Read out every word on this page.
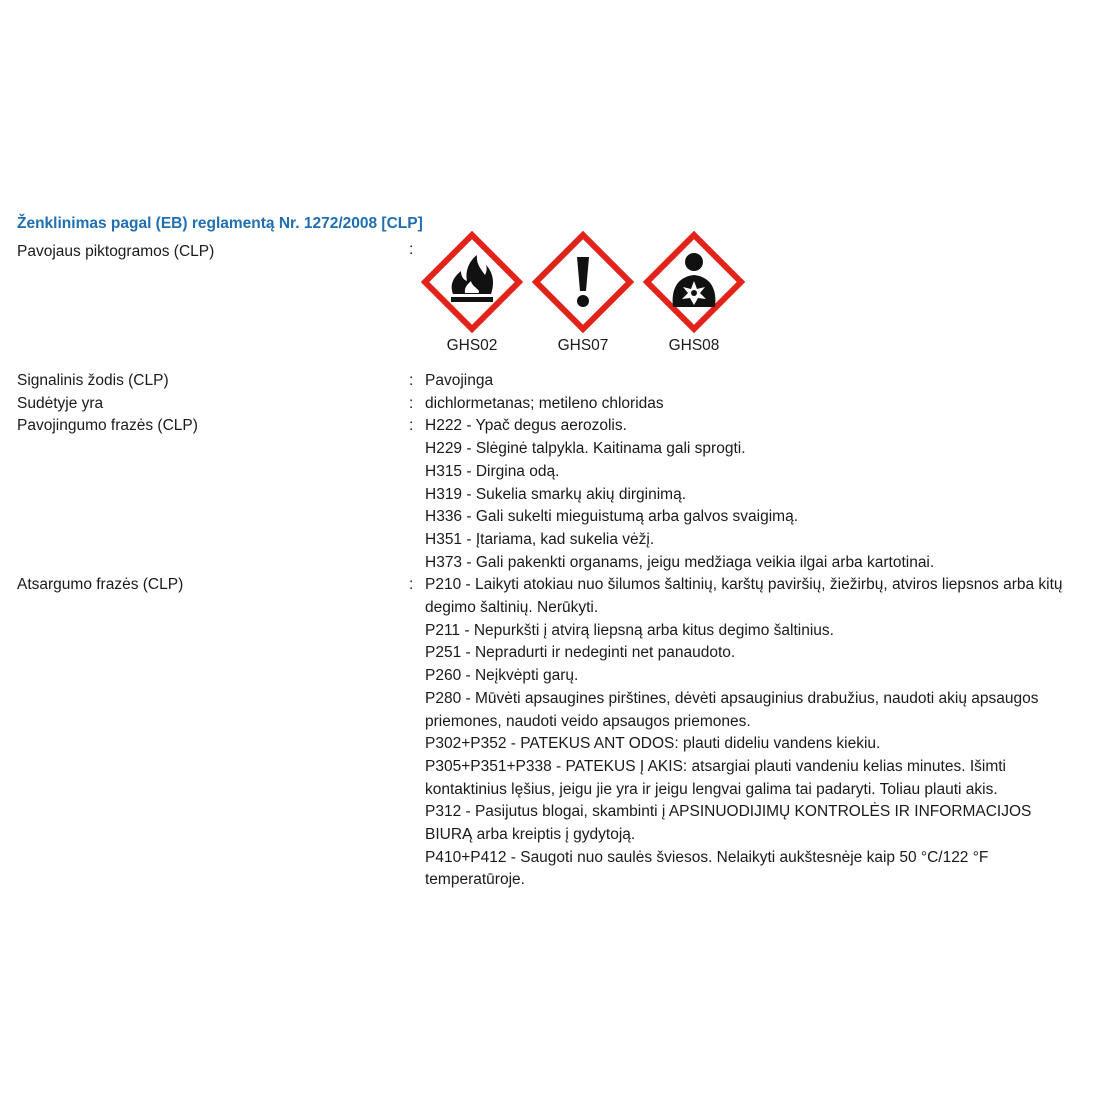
Ženklinimas pagal (EB) reglamentą Nr. 1272/2008 [CLP]
Pavojaus piktogramos (CLP)	:
GHS02	GHS07	GHS08
Signalinis žodis (CLP)	: Pavojinga
Sudėtyje yra	: dichlormetanas; metileno chloridas
Pavojingumo frazės (CLP)	: H222 - Ypač degus aerozolis.
H229 - Slėginė talpykla. Kaitinama gali sprogti.
H315 - Dirgina odą.
H319 - Sukelia smarkų akių dirginimą.
H336 - Gali sukelti mieguistumą arba galvos svaigimą.
H351 - Įtariama, kad sukelia vėžį.
H373 - Gali pakenkti organams, jeigu medžiaga veikia ilgai arba kartotinai.
Atsargumo frazės (CLP)	: P210 - Laikyti atokiau nuo šilumos šaltinių, karštų paviršių, žiežirbų, atviros liepsnos arba kitų degimo šaltinių. Nerūkyti.
P211 - Nepurkšti į atvirą liepsną arba kitus degimo šaltinius.
P251 - Nepradurti ir nedeginti net panaudoto.
P260 - Neįkvėpti garų.
P280 - Mūvėti apsaugines pirštines, dėvėti apsauginius drabužius, naudoti akių apsaugos priemones, naudoti veido apsaugos priemones.
P302+P352 - PATEKUS ANT ODOS: plauti dideliu vandens kiekiu.
P305+P351+P338 - PATEKUS Į AKIS: atsargiai plauti vandeniu kelias minutes. Išimti kontaktinius lęšius, jeigu jie yra ir jeigu lengvai galima tai padaryti. Toliau plauti akis.
P312 - Pasijutus blogai, skambinti į APSINUODIJIMŲ KONTROLĖS IR INFORMACIJOS BIURĄ arba kreiptis į gydytoją.
P410+P412 - Saugoti nuo saulės šviesos. Nelaikyti aukštesnėje kaip 50 °C/122 °F temperatūroje.
